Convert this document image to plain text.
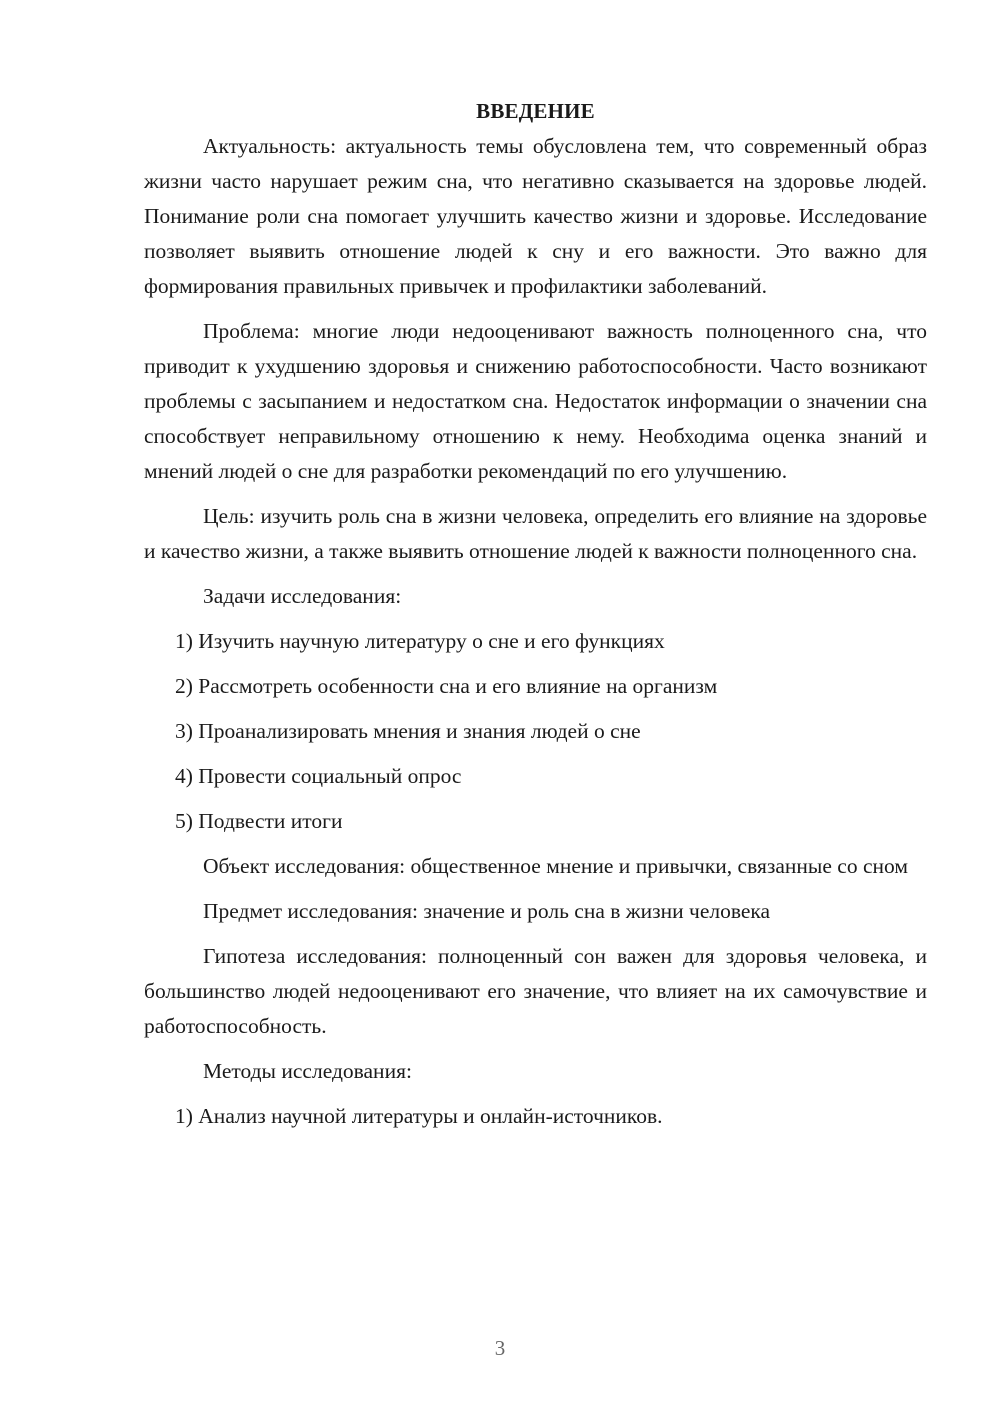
ВВЕДЕНИЕ

Актуальность: актуальность темы обусловлена тем, что современный образ жизни часто нарушает режим сна, что негативно сказывается на здоровье людей. Понимание роли сна помогает улучшить качество жизни и здоровье. Исследование позволяет выявить отношение людей к сну и его важности. Это важно для формирования правильных привычек и профилактики заболеваний.

Проблема: многие люди недооценивают важность полноценного сна, что приводит к ухудшению здоровья и снижению работоспособности. Часто возникают проблемы с засыпанием и недостатком сна. Недостаток информации о значении сна способствует неправильному отношению к нему. Необходима оценка знаний и мнений людей о сне для разработки рекомендаций по его улучшению.

Цель: изучить роль сна в жизни человека, определить его влияние на здоровье и качество жизни, а также выявить отношение людей к важности полноценного сна.

Задачи исследования:

1) Изучить научную литературу о сне и его функциях

2) Рассмотреть особенности сна и его влияние на организм

3) Проанализировать мнения и знания людей о сне

4) Провести социальный опрос

5) Подвести итоги

Объект исследования: общественное мнение и привычки, связанные со сном

Предмет исследования: значение и роль сна в жизни человека

Гипотеза исследования: полноценный сон важен для здоровья человека, и большинство людей недооценивают его значение, что влияет на их самочувствие и работоспособность.

Методы исследования:

1) Анализ научной литературы и онлайн-источников.

3
